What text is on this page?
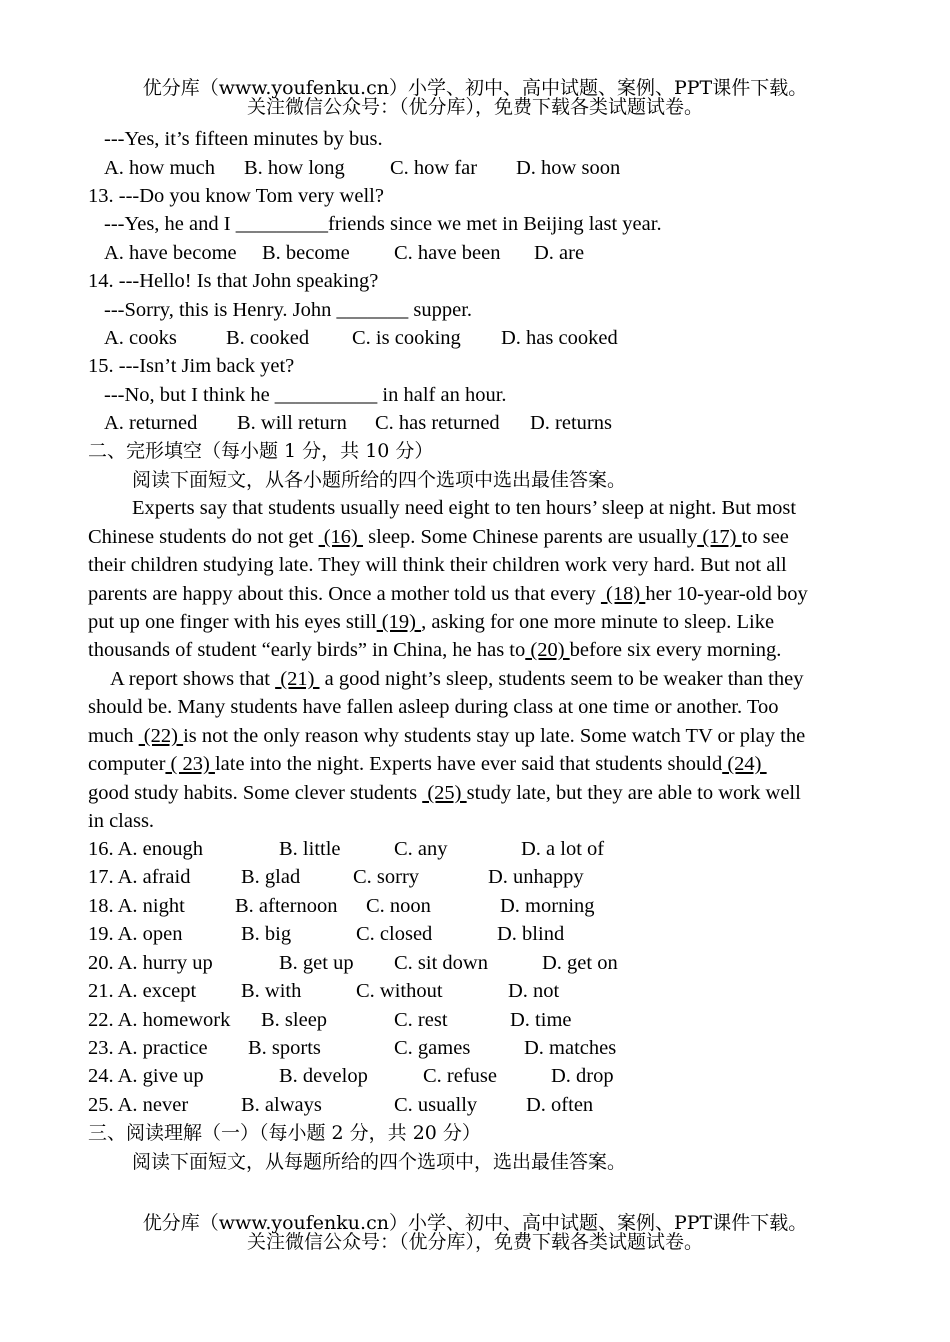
优分库（www.youfenku.cn）小学、初中、高中试题、案例、PPT课件下载。
关注微信公众号：（优分库），免费下载各类试题试卷。
---Yes, it’s fifteen minutes by bus.
A. how much B. how long C. how far D. how soon
13. ---Do you know Tom very well?
---Yes, he and I _________friends since we met in Beijing last year.
A. have become B. become C. have been D. are
14. ---Hello! Is that John speaking?
---Sorry, this is Henry. John _______ supper.
A. cooks B. cooked C. is cooking D. has cooked
15. ---Isn’t Jim back yet?
---No, but I think he __________ in half an hour.
A. returned B. will return C. has returned D. returns
二、完形填空（每小题 1 分，共 10 分）
阅读下面短文，从各小题所给的四个选项中选出最佳答案。
Experts say that students usually need eight to ten hours’ sleep at night. But most
Chinese students do not get  (16)  sleep. Some Chinese parents are usually (17) to see
their children studying late. They will think their children work very hard. But not all
parents are happy about this. Once a mother told us that every  (18) her 10-year-old boy
put up one finger with his eyes still (19) , asking for one more minute to sleep. Like
thousands of student “early birds” in China, he has to (20) before six every morning.
A report shows that  (21)  a good night’s sleep, students seem to be weaker than they
should be. Many students have fallen asleep during class at one time or another. Too
much  (22) is not the only reason why students stay up late. Some watch TV or play the
computer ( 23) late into the night. Experts have ever said that students should (24)
good study habits. Some clever students  (25) study late, but they are able to work well
in class.
16. A. enough	B. little	C. any	D. a lot of
17. A. afraid B. glad	C. sorry	D. unhappy
18. A. night B. afternoon C. noon	D. morning
19. A. open	B. big	C. closed	D. blind
20. A. hurry up	B. get up C. sit down	D. get on
21. A. except B. with	C. without	D. not
22. A. homework B. sleep	C. rest	D. time
23. A. practice B. sports	C. games	D. matches
24. A. give up	B. develop	C. refuse	D. drop
25. A. never	B. always	C. usually D. often
三、阅读理解（一）（每小题 2 分，共 20 分）
阅读下面短文，从每题所给的四个选项中，选出最佳答案。
优分库（www.youfenku.cn）小学、初中、高中试题、案例、PPT课件下载。
关注微信公众号：（优分库），免费下载各类试题试卷。
